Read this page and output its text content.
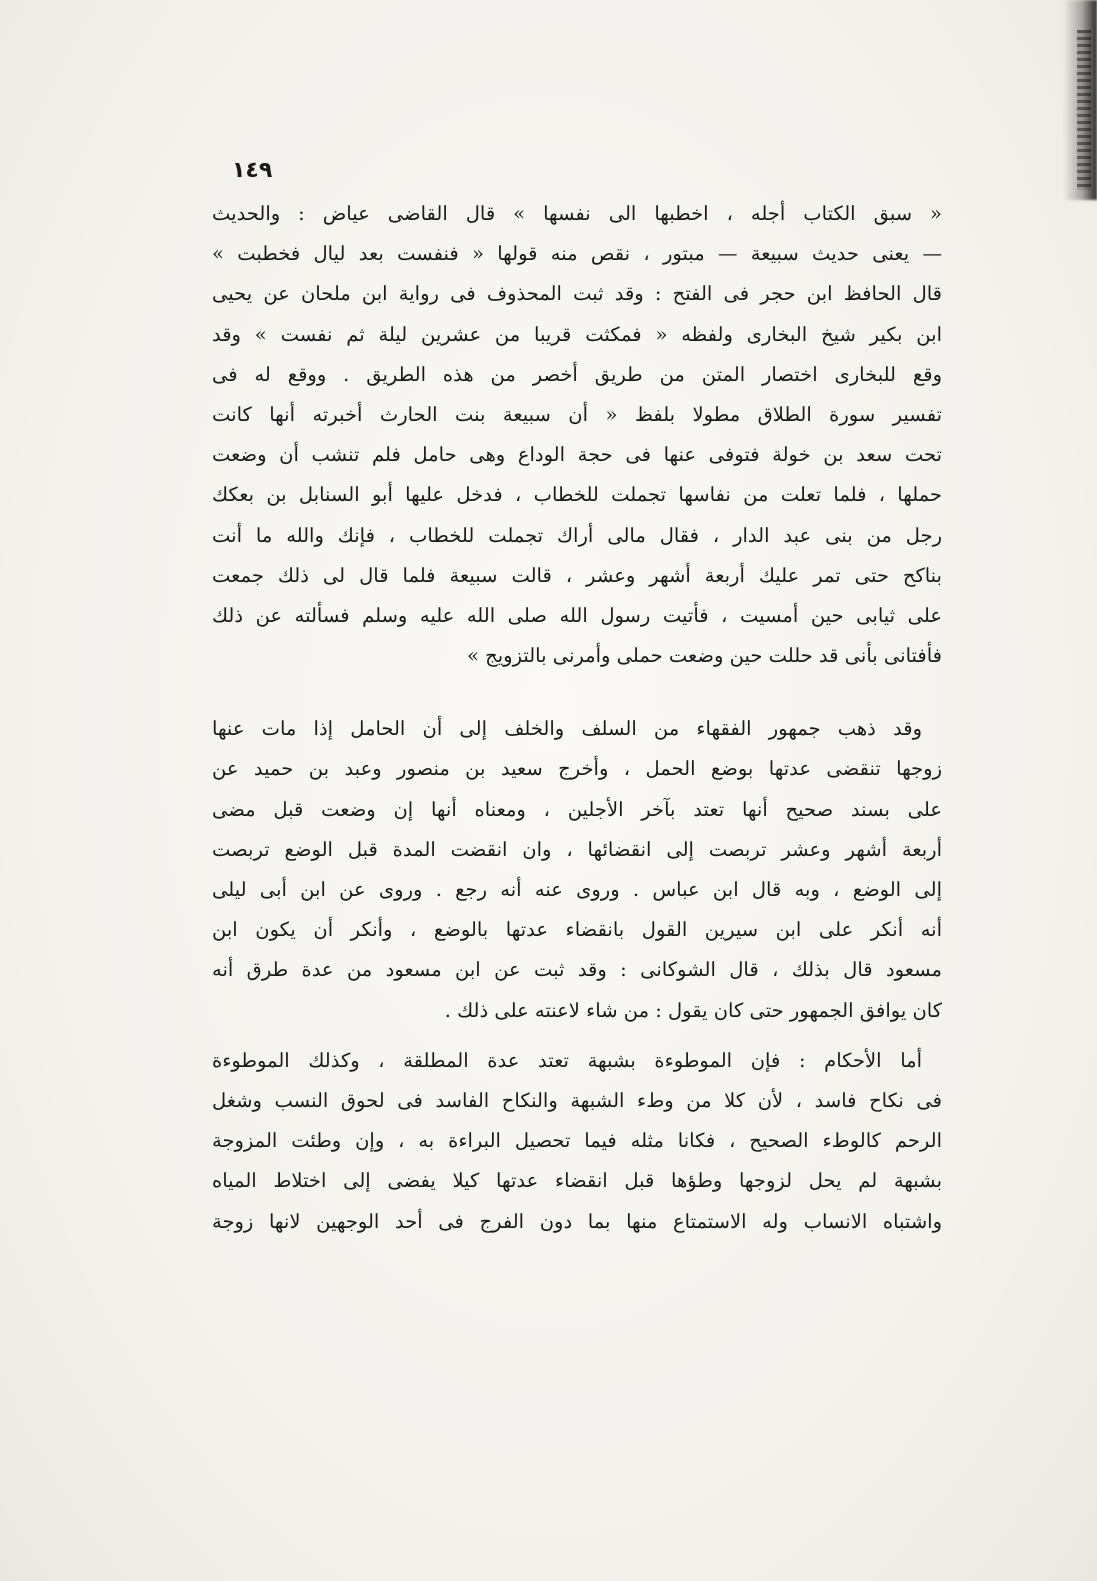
١٤٩
« سبق الكتاب أجله ، اخطبها الى نفسها » قال القاضى عياض : والحديث
— يعنى حديث سبيعة — مبتور ، نقص منه قولها « فنفست بعد ليال فخطبت »
قال الحافظ ابن حجر فى الفتح : وقد ثبت المحذوف فى رواية ابن ملحان عن يحيى
ابن بكير شيخ البخارى ولفظه « فمكثت قريبا من عشرين ليلة ثم نفست » وقد
وقع للبخارى اختصار المتن من طريق أخصر من هذه الطريق . ووقع له فى
تفسير سورة الطلاق مطولا بلفظ « أن سبيعة بنت الحارث أخبرته أنها كانت
تحت سعد بن خولة فتوفى عنها فى حجة الوداع وهى حامل فلم تنشب أن وضعت
حملها ، فلما تعلت من نفاسها تجملت للخطاب ، فدخل عليها أبو السنابل بن بعكك
رجل من بنى عبد الدار ، فقال مالى أراك تجملت للخطاب ، فإنك والله ما أنت
بناكح حتى تمر عليك أربعة أشهر وعشر ، قالت سبيعة فلما قال لى ذلك جمعت
على ثيابى حين أمسيت ، فأتيت رسول الله صلى الله عليه وسلم فسألته عن ذلك
فأفتانى بأنى قد حللت حين وضعت حملى وأمرنى بالتزويج »
وقد ذهب جمهور الفقهاء من السلف والخلف إلى أن الحامل إذا مات عنها
زوجها تنقضى عدتها بوضع الحمل ، وأخرج سعيد بن منصور وعبد بن حميد عن
على بسند صحيح أنها تعتد بآخر الأجلين ، ومعناه أنها إن وضعت قبل مضى
أربعة أشهر وعشر تربصت إلى انقضائها ، وان انقضت المدة قبل الوضع تربصت
إلى الوضع ، وبه قال ابن عباس . وروى عنه أنه رجع . وروى عن ابن أبى ليلى
أنه أنكر على ابن سيرين القول بانقضاء عدتها بالوضع ، وأنكر أن يكون ابن
مسعود قال بذلك ، قال الشوكانى : وقد ثبت عن ابن مسعود من عدة طرق أنه
كان يوافق الجمهور حتى كان يقول : من شاء لاعنته على ذلك .
أما الأحكام : فإن الموطوءة بشبهة تعتد عدة المطلقة ، وكذلك الموطوءة
فى نكاح فاسد ، لأن كلا من وطء الشبهة والنكاح الفاسد فى لحوق النسب وشغل
الرحم كالوطء الصحيح ، فكانا مثله فيما تحصيل البراءة به ، وإن وطئت المزوجة
بشبهة لم يحل لزوجها وطؤها قبل انقضاء عدتها كيلا يفضى إلى اختلاط المياه
واشتباه الانساب وله الاستمتاع منها بما دون الفرج فى أحد الوجهين لانها زوجة
